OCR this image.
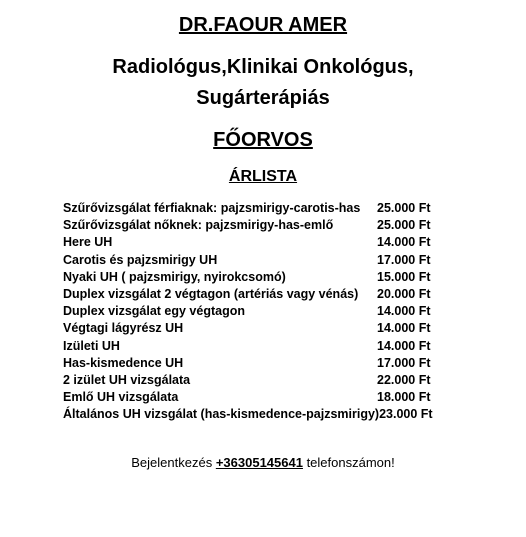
DR.FAOUR AMER
Radiológus,Klinikai Onkológus,
Sugárterápiás
FŐORVOS
ÁRLISTA
Szűrővizsgálat férfiaknak: pajzsmirigy-carotis-has 25.000 Ft
Szűrővizsgálat nőknek: pajzsmirigy-has-emlő	25.000 Ft
Here UH	14.000 Ft
Carotis és pajzsmirigy UH	17.000 Ft
Nyaki UH ( pajzsmirigy, nyirokcsomó)	15.000 Ft
Duplex vizsgálat 2 végtagon (artériás vagy vénás) 20.000 Ft
Duplex vizsgálat egy végtagon	14.000 Ft
Végtagi lágyrész UH	14.000 Ft
Izületi UH	14.000 Ft
Has-kismedence UH	17.000 Ft
2 izület UH vizsgálata	22.000 Ft
Emlő UH vizsgálata	18.000 Ft
Általános UH vizsgálat (has-kismedence-pajzsmirigy) 23.000 Ft
Bejelentkezés +36305145641 telefonszámon!
